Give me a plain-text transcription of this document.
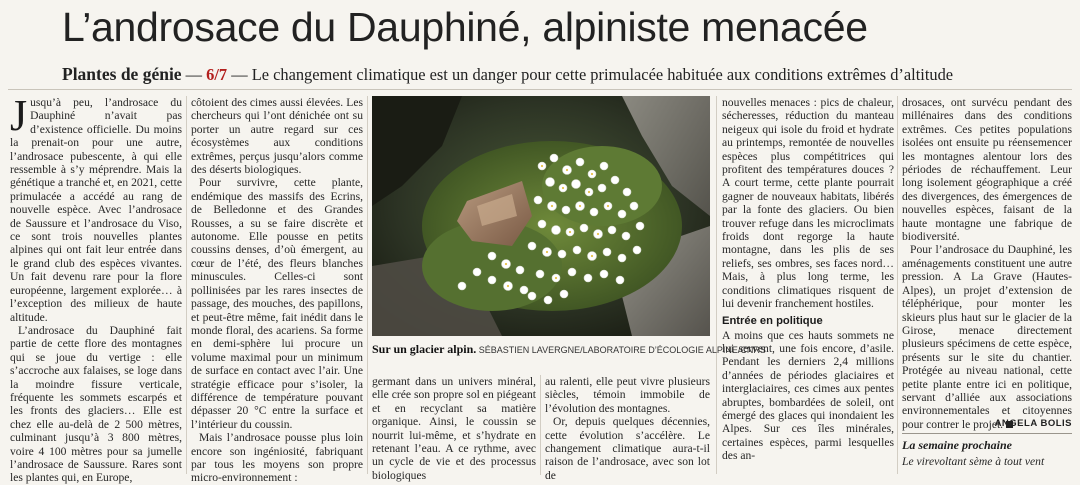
L’androsace du Dauphiné, alpiniste menacée
Plantes de génie — 6/7 — Le changement climatique est un danger pour cette primulacée habituée aux conditions extrêmes d’altitude

Jusqu’à peu, l’androsace du Dauphiné n’avait pas d’existence officielle. Du moins la prenait-on pour une autre, l’androsace pubescente, à qui elle ressemble à s’y méprendre. Mais la génétique a tranché et, en 2021, cette primulacée a accédé au rang de nouvelle espèce. Avec l’androsace de Saussure et l’androsace du Viso, ce sont trois nouvelles plantes alpines qui ont fait leur entrée dans le grand club des espèces vivantes. Un fait devenu rare pour la flore européenne, largement explorée… à l’exception des milieux de haute altitude.

L’androsace du Dauphiné fait partie de cette flore des montagnes qui se joue du vertige : elle s’accroche aux falaises, se loge dans la moindre fissure verticale, fréquente les sommets escarpés et les fronts des glaciers… Elle est chez elle au-delà de 2 500 mètres, culminant jusqu’à 3 800 mètres, voire 4 100 mètres pour sa jumelle l’androsace de Saussure. Rares sont les plantes qui, en Europe,

côtoient des cimes aussi élevées. Les chercheurs qui l’ont dénichée ont su porter un autre regard sur ces écosystèmes aux conditions extrêmes, perçus jusqu’alors comme des déserts biologiques.

Pour survivre, cette plante, endémique des massifs des Ecrins, de Belledonne et des Grandes Rousses, a su se faire discrète et autonome. Elle pousse en petits coussins denses, d’où émergent, au cœur de l’été, des fleurs blanches minuscules. Celles-ci sont pollinisées par les rares insectes de passage, des mouches, des papillons, et peut-être même, fait inédit dans le monde floral, des acariens. Sa forme en demi-sphère lui procure un volume maximal pour un minimum de surface en contact avec l’air. Une stratégie efficace pour s’isoler, la différence de température pouvant dépasser 20 °C entre la surface et l’intérieur du coussin.

Mais l’androsace pousse plus loin encore son ingéniosité, fabriquant par tous les moyens son propre micro-environnement :

Sur un glacier alpin. SÉBASTIEN LAVERGNE/LABORATOIRE D’ÉCOLOGIE ALPINE/CNRS

germant dans un univers minéral, elle crée son propre sol en piégeant et en recyclant sa matière organique. Ainsi, le coussin se nourrit lui-même, et s’hydrate en retenant l’eau. A ce rythme, avec un cycle de vie et des processus biologiques

au ralenti, elle peut vivre plusieurs siècles, témoin immobile de l’évolution des montagnes.

Or, depuis quelques décennies, cette évolution s’accélère. Le changement climatique aura-t-il raison de l’androsace, avec son lot de

nouvelles menaces : pics de chaleur, sécheresses, réduction du manteau neigeux qui isole du froid et hydrate au printemps, remontée de nouvelles espèces plus compétitrices qui profitent des températures douces ? A court terme, cette plante pourrait gagner de nouveaux habitats, libérés par la fonte des glaciers. Ou bien trouver refuge dans les microclimats froids dont regorge la haute montagne, dans les plis de ses reliefs, ses ombres, ses faces nord… Mais, à plus long terme, les conditions climatiques risquent de lui devenir franchement hostiles.

Entrée en politique

A moins que ces hauts sommets ne lui servent, une fois encore, d’asile. Pendant les derniers 2,4 millions d’années de périodes glaciaires et interglaciaires, ces cimes aux pentes abruptes, bombardées de soleil, ont émergé des glaces qui inondaient les Alpes. Sur ces îles minérales, certaines espèces, parmi lesquelles des an-

drosaces, ont survécu pendant des millénaires dans des conditions extrêmes. Ces petites populations isolées ont ensuite pu réensemencer les montagnes alentour lors des périodes de réchauffement. Leur long isolement géographique a créé des divergences, des émergences de nouvelles espèces, faisant de la haute montagne une fabrique de biodiversité.

Pour l’androsace du Dauphiné, les aménagements constituent une autre pression. A La Grave (Hautes-Alpes), un projet d’extension de téléphérique, pour monter les skieurs plus haut sur le glacier de la Girose, menace directement plusieurs spécimens de cette espèce, présents sur le site du chantier. Protégée au niveau national, cette petite plante entre ici en politique, servant d’alliée aux associations environnementales et citoyennes pour contrer le projet.

ANGELA BOLIS
La semaine prochaine
Le virevoltant sème à tout vent
